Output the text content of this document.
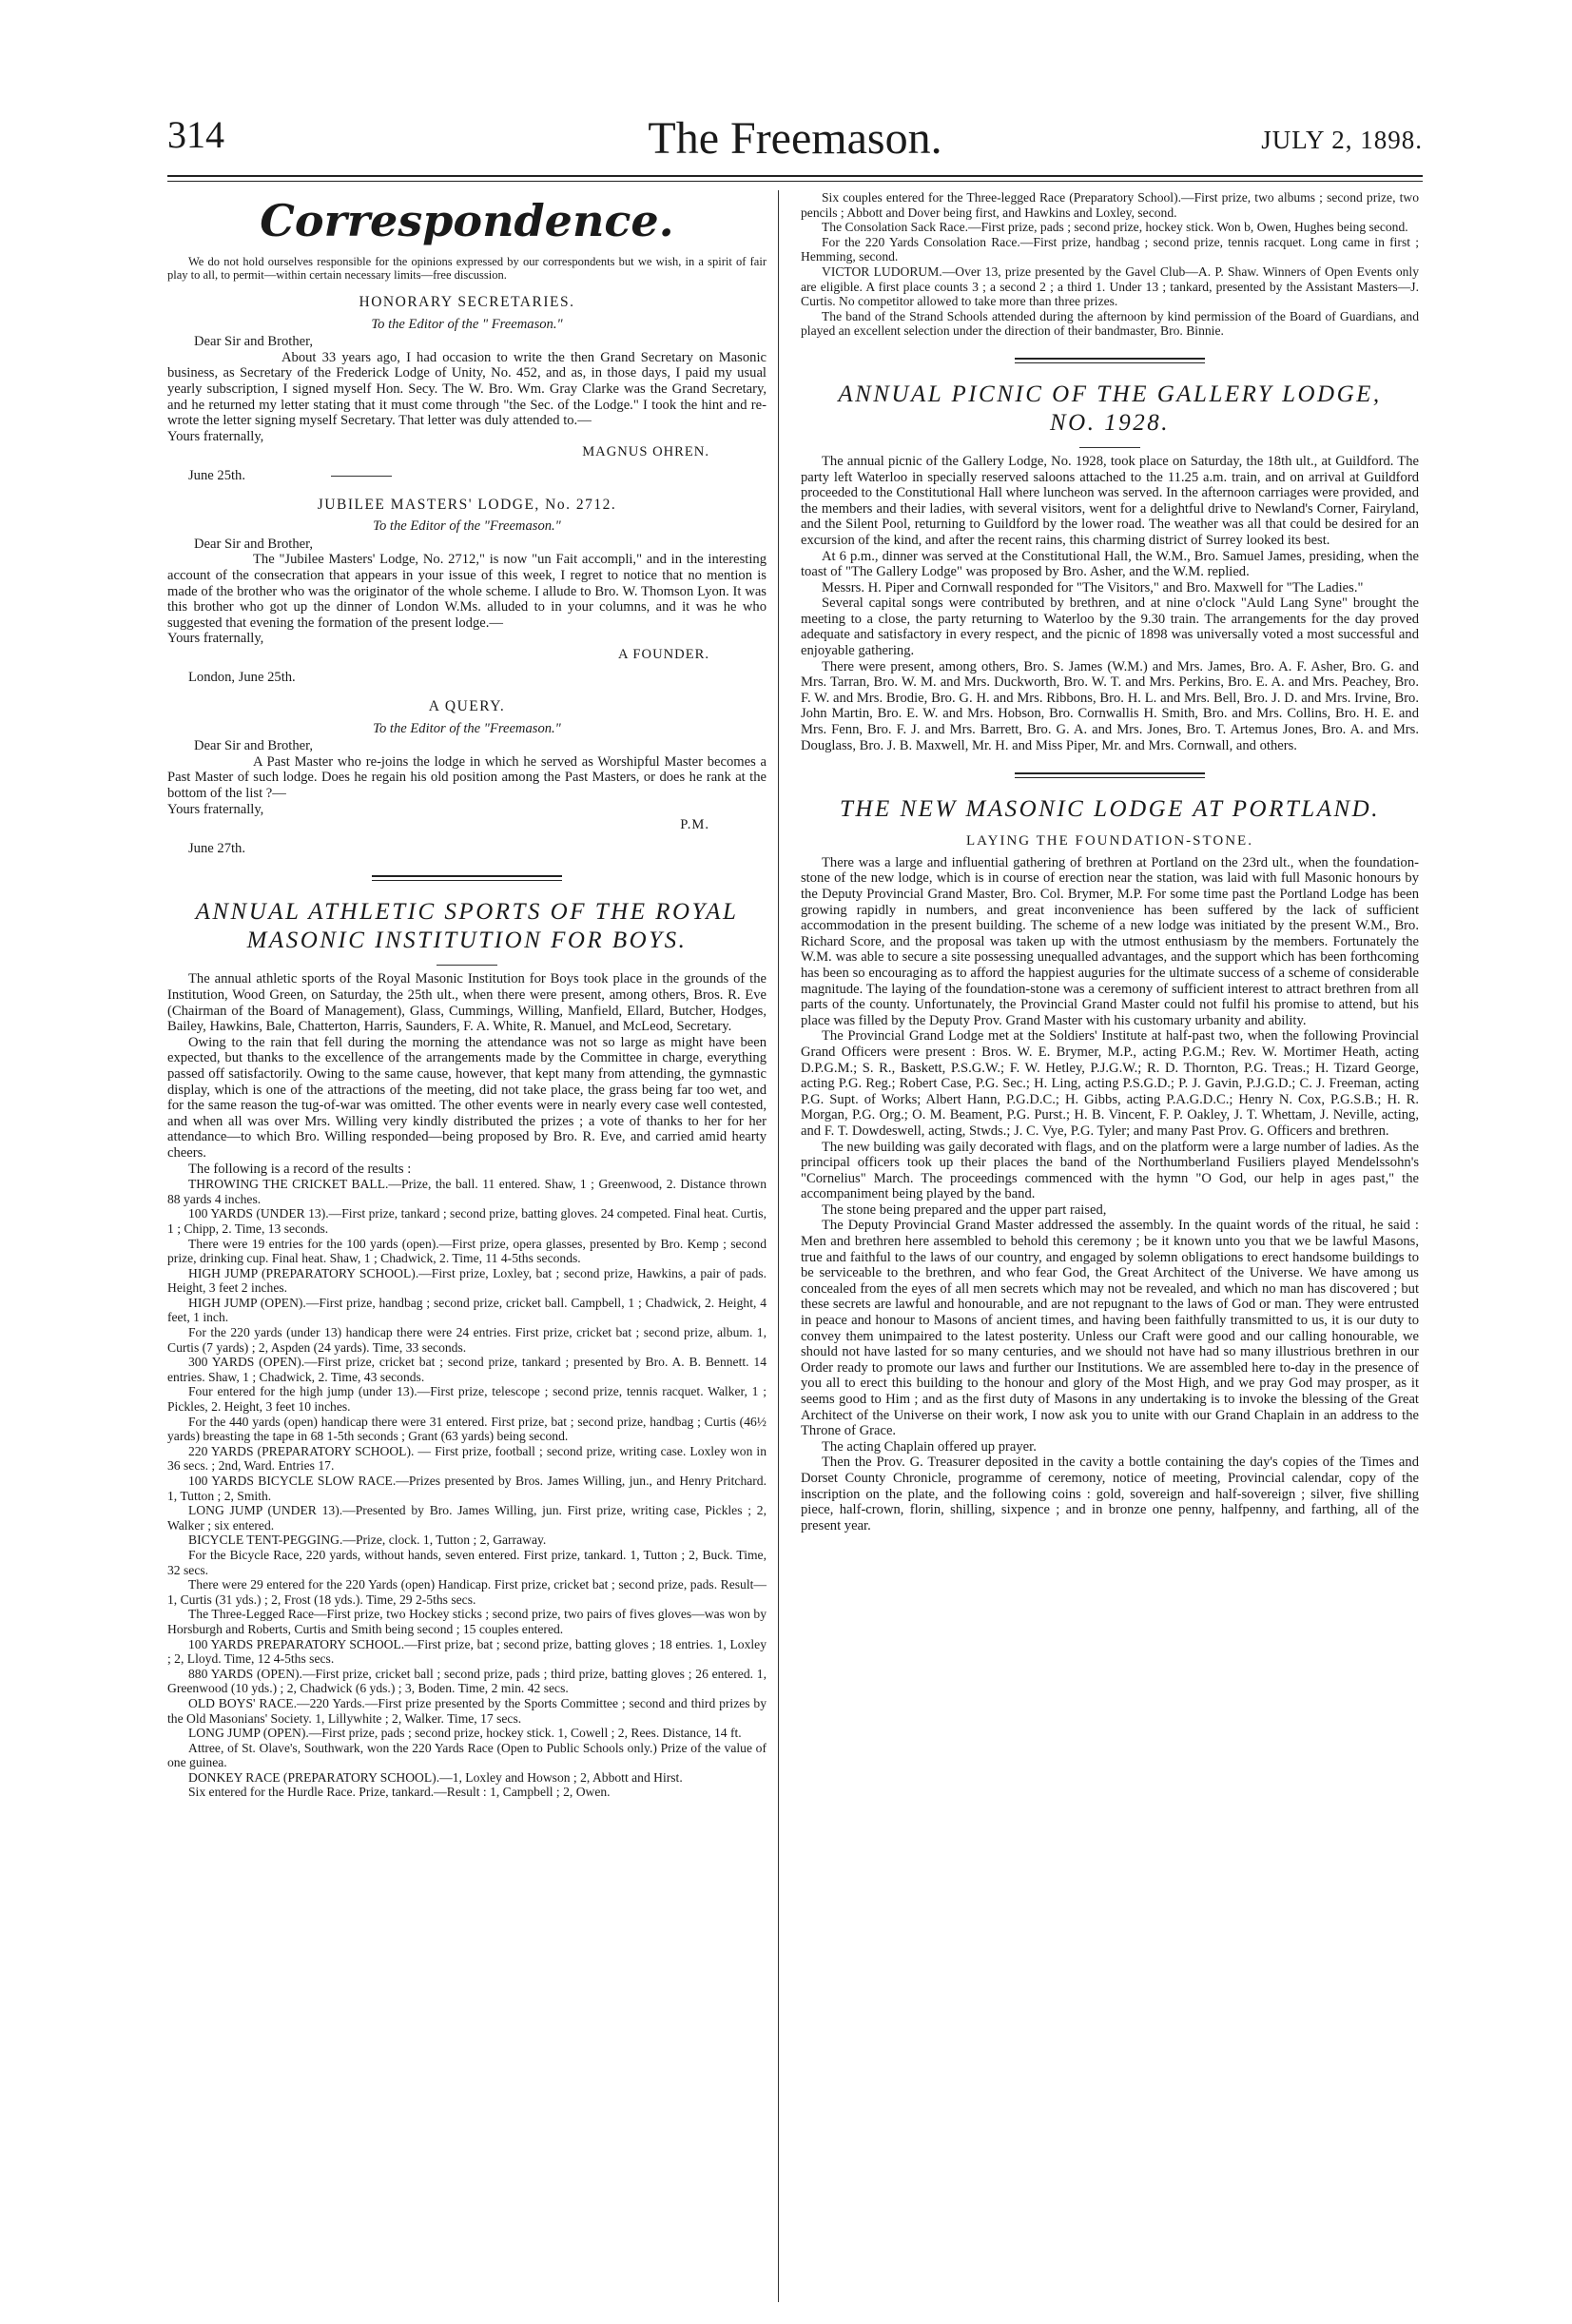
314	The Freemason.	JULY 2, 1898.
Correspondence.

We do not hold ourselves responsible for the opinions expressed by our correspondents but we wish, in a spirit of fair play to all, to permit—within certain necessary limits—free discussion.

HONORARY SECRETARIES.
To the Editor of the " Freemason."

Dear Sir and Brother,

About 33 years ago, I had occasion to write the then Grand Secretary on Masonic business, as Secretary of the Frederick Lodge of Unity, No. 452, and as, in those days, I paid my usual yearly subscription, I signed myself Hon. Secy. The W. Bro. Wm. Gray Clarke was the Grand Secretary, and he returned my letter stating that it must come through "the Sec. of the Lodge." I took the hint and re-wrote the letter signing myself Secretary. That letter was duly attended to.—

Yours fraternally,

MAGNUS OHREN.

June 25th.

JUBILEE MASTERS' LODGE, No. 2712.
To the Editor of the "Freemason."

Dear Sir and Brother,

The "Jubilee Masters' Lodge, No. 2712," is now "un Fait accompli," and in the interesting account of the consecration that appears in your issue of this week, I regret to notice that no mention is made of the brother who was the originator of the whole scheme. I allude to Bro. W. Thomson Lyon. It was this brother who got up the dinner of London W.Ms. alluded to in your columns, and it was he who suggested that evening the formation of the present lodge.—

Yours fraternally,

A FOUNDER.

London, June 25th.

A QUERY.
To the Editor of the "Freemason."

Dear Sir and Brother,

A Past Master who re-joins the lodge in which he served as Worshipful Master becomes a Past Master of such lodge. Does he regain his old position among the Past Masters, or does he rank at the bottom of the list ?—

Yours fraternally,

P.M.

June 27th.

ANNUAL ATHLETIC SPORTS OF THE ROYAL MASONIC INSTITUTION FOR BOYS.

The annual athletic sports of the Royal Masonic Institution for Boys took place in the grounds of the Institution, Wood Green, on Saturday, the 25th ult., when there were present, among others, Bros. R. Eve (Chairman of the Board of Management), Glass, Cummings, Willing, Manfield, Ellard, Butcher, Hodges, Bailey, Hawkins, Bale, Chatterton, Harris, Saunders, F. A. White, R. Manuel, and McLeod, Secretary.

Owing to the rain that fell during the morning the attendance was not so large as might have been expected, but thanks to the excellence of the arrangements made by the Committee in charge, everything passed off satisfactorily. Owing to the same cause, however, that kept many from attending, the gymnastic display, which is one of the attractions of the meeting, did not take place, the grass being far too wet, and for the same reason the tug-of-war was omitted. The other events were in nearly every case well contested, and when all was over Mrs. Willing very kindly distributed the prizes ; a vote of thanks to her for her attendance—to which Bro. Willing responded—being proposed by Bro. R. Eve, and carried amid hearty cheers.

The following is a record of the results :

THROWING THE CRICKET BALL.—Prize, the ball. 11 entered. Shaw, 1 ; Greenwood, 2. Distance thrown 88 yards 4 inches.

100 YARDS (UNDER 13).—First prize, tankard ; second prize, batting gloves. 24 competed. Final heat. Curtis, 1 ; Chipp, 2. Time, 13 seconds.

There were 19 entries for the 100 yards (open).—First prize, opera glasses, presented by Bro. Kemp ; second prize, drinking cup. Final heat. Shaw, 1 ; Chadwick, 2. Time, 11 4-5ths seconds.

HIGH JUMP (PREPARATORY SCHOOL).—First prize, Loxley, bat ; second prize, Hawkins, a pair of pads. Height, 3 feet 2 inches.

HIGH JUMP (OPEN).—First prize, handbag ; second prize, cricket ball. Campbell, 1 ; Chadwick, 2. Height, 4 feet, 1 inch.

For the 220 yards (under 13) handicap there were 24 entries. First prize, cricket bat ; second prize, album. 1, Curtis (7 yards) ; 2, Aspden (24 yards). Time, 33 seconds.

300 YARDS (OPEN).—First prize, cricket bat ; second prize, tankard ; presented by Bro. A. B. Bennett. 14 entries. Shaw, 1 ; Chadwick, 2. Time, 43 seconds.

Four entered for the high jump (under 13).—First prize, telescope ; second prize, tennis racquet. Walker, 1 ; Pickles, 2. Height, 3 feet 10 inches.

For the 440 yards (open) handicap there were 31 entered. First prize, bat ; second prize, handbag ; Curtis (46½ yards) breasting the tape in 68 1-5th seconds ; Grant (63 yards) being second.

220 YARDS (PREPARATORY SCHOOL). — First prize, football ; second prize, writing case. Loxley won in 36 secs. ; 2nd, Ward. Entries 17.

100 YARDS BICYCLE SLOW RACE.—Prizes presented by Bros. James Willing, jun., and Henry Pritchard. 1, Tutton ; 2, Smith.

LONG JUMP (UNDER 13).—Presented by Bro. James Willing, jun. First prize, writing case, Pickles ; 2, Walker ; six entered.

BICYCLE TENT-PEGGING.—Prize, clock. 1, Tutton ; 2, Garraway.

For the Bicycle Race, 220 yards, without hands, seven entered. First prize, tankard. 1, Tutton ; 2, Buck. Time, 32 secs.

There were 29 entered for the 220 Yards (open) Handicap. First prize, cricket bat ; second prize, pads. Result—1, Curtis (31 yds.) ; 2, Frost (18 yds.). Time, 29 2-5ths secs.

The Three-Legged Race—First prize, two Hockey sticks ; second prize, two pairs of fives gloves—was won by Horsburgh and Roberts, Curtis and Smith being second ; 15 couples entered.

100 YARDS PREPARATORY SCHOOL.—First prize, bat ; second prize, batting gloves ; 18 entries. 1, Loxley ; 2, Lloyd. Time, 12 4-5ths secs.

880 YARDS (OPEN).—First prize, cricket ball ; second prize, pads ; third prize, batting gloves ; 26 entered. 1, Greenwood (10 yds.) ; 2, Chadwick (6 yds.) ; 3, Boden. Time, 2 min. 42 secs.

OLD BOYS' RACE.—220 Yards.—First prize presented by the Sports Committee ; second and third prizes by the Old Masonians' Society. 1, Lillywhite ; 2, Walker. Time, 17 secs.

LONG JUMP (OPEN).—First prize, pads ; second prize, hockey stick. 1, Cowell ; 2, Rees. Distance, 14 ft.

Attree, of St. Olave's, Southwark, won the 220 Yards Race (Open to Public Schools only.) Prize of the value of one guinea.

DONKEY RACE (PREPARATORY SCHOOL).—1, Loxley and Howson ; 2, Abbott and Hirst.

Six entered for the Hurdle Race. Prize, tankard.—Result : 1, Campbell ; 2, Owen.

Six couples entered for the Three-legged Race (Preparatory School).—First prize, two albums ; second prize, two pencils ; Abbott and Dover being first, and Hawkins and Loxley, second.

The Consolation Sack Race.—First prize, pads ; second prize, hockey stick. Won b, Owen, Hughes being second.

For the 220 Yards Consolation Race.—First prize, handbag ; second prize, tennis racquet. Long came in first ; Hemming, second.

VICTOR LUDORUM.—Over 13, prize presented by the Gavel Club—A. P. Shaw. Winners of Open Events only are eligible. A first place counts 3 ; a second 2 ; a third 1. Under 13 ; tankard, presented by the Assistant Masters—J. Curtis. No competitor allowed to take more than three prizes.

The band of the Strand Schools attended during the afternoon by kind permission of the Board of Guardians, and played an excellent selection under the direction of their bandmaster, Bro. Binnie.

ANNUAL PICNIC OF THE GALLERY LODGE,
NO. 1928.

The annual picnic of the Gallery Lodge, No. 1928, took place on Saturday, the 18th ult., at Guildford. The party left Waterloo in specially reserved saloons attached to the 11.25 a.m. train, and on arrival at Guildford proceeded to the Constitutional Hall where luncheon was served. In the afternoon carriages were provided, and the members and their ladies, with several visitors, went for a delightful drive to Newland's Corner, Fairyland, and the Silent Pool, returning to Guildford by the lower road. The weather was all that could be desired for an excursion of the kind, and after the recent rains, this charming district of Surrey looked its best.

At 6 p.m., dinner was served at the Constitutional Hall, the W.M., Bro. Samuel James, presiding, when the toast of "The Gallery Lodge" was proposed by Bro. Asher, and the W.M. replied.

Messrs. H. Piper and Cornwall responded for "The Visitors," and Bro. Maxwell for "The Ladies."

Several capital songs were contributed by brethren, and at nine o'clock "Auld Lang Syne" brought the meeting to a close, the party returning to Waterloo by the 9.30 train. The arrangements for the day proved adequate and satisfactory in every respect, and the picnic of 1898 was universally voted a most successful and enjoyable gathering.

There were present, among others, Bro. S. James (W.M.) and Mrs. James, Bro. A. F. Asher, Bro. G. and Mrs. Tarran, Bro. W. M. and Mrs. Duckworth, Bro. W. T. and Mrs. Perkins, Bro. E. A. and Mrs. Peachey, Bro. F. W. and Mrs. Brodie, Bro. G. H. and Mrs. Ribbons, Bro. H. L. and Mrs. Bell, Bro. J. D. and Mrs. Irvine, Bro. John Martin, Bro. E. W. and Mrs. Hobson, Bro. Cornwallis H. Smith, Bro. and Mrs. Collins, Bro. H. E. and Mrs. Fenn, Bro. F. J. and Mrs. Barrett, Bro. G. A. and Mrs. Jones, Bro. T. Artemus Jones, Bro. A. and Mrs. Douglass, Bro. J. B. Maxwell, Mr. H. and Miss Piper, Mr. and Mrs. Cornwall, and others.

THE NEW MASONIC LODGE AT PORTLAND.
LAYING THE FOUNDATION-STONE.

There was a large and influential gathering of brethren at Portland on the 23rd ult., when the foundation-stone of the new lodge, which is in course of erection near the station, was laid with full Masonic honours by the Deputy Provincial Grand Master, Bro. Col. Brymer, M.P. For some time past the Portland Lodge has been growing rapidly in numbers, and great inconvenience has been suffered by the lack of sufficient accommodation in the present building. The scheme of a new lodge was initiated by the present W.M., Bro. Richard Score, and the proposal was taken up with the utmost enthusiasm by the members. Fortunately the W.M. was able to secure a site possessing unequalled advantages, and the support which has been forthcoming has been so encouraging as to afford the happiest auguries for the ultimate success of a scheme of considerable magnitude. The laying of the foundation-stone was a ceremony of sufficient interest to attract brethren from all parts of the county. Unfortunately, the Provincial Grand Master could not fulfil his promise to attend, but his place was filled by the Deputy Prov. Grand Master with his customary urbanity and ability.

The Provincial Grand Lodge met at the Soldiers' Institute at half-past two, when the following Provincial Grand Officers were present : Bros. W. E. Brymer, M.P., acting P.G.M.; Rev. W. Mortimer Heath, acting D.P.G.M.; S. R., Baskett, P.S.G.W.; F. W. Hetley, P.J.G.W.; R. D. Thornton, P.G. Treas.; H. Tizard George, acting P.G. Reg.; Robert Case, P.G. Sec.; H. Ling, acting P.S.G.D.; P. J. Gavin, P.J.G.D.; C. J. Freeman, acting P.G. Supt. of Works; Albert Hann, P.G.D.C.; H. Gibbs, acting P.A.G.D.C.; Henry N. Cox, P.G.S.B.; H. R. Morgan, P.G. Org.; O. M. Beament, P.G. Purst.; H. B. Vincent, F. P. Oakley, J. T. Whettam, J. Neville, acting, and F. T. Dowdeswell, acting, Stwds.; J. C. Vye, P.G. Tyler; and many Past Prov. G. Officers and brethren.

The new building was gaily decorated with flags, and on the platform were a large number of ladies. As the principal officers took up their places the band of the Northumberland Fusiliers played Mendelssohn's "Cornelius" March. The proceedings commenced with the hymn "O God, our help in ages past," the accompaniment being played by the band.

The stone being prepared and the upper part raised,

The Deputy Provincial Grand Master addressed the assembly. In the quaint words of the ritual, he said : Men and brethren here assembled to behold this ceremony ; be it known unto you that we be lawful Masons, true and faithful to the laws of our country, and engaged by solemn obligations to erect handsome buildings to be serviceable to the brethren, and who fear God, the Great Architect of the Universe. We have among us concealed from the eyes of all men secrets which may not be revealed, and which no man has discovered ; but these secrets are lawful and honourable, and are not repugnant to the laws of God or man. They were entrusted in peace and honour to Masons of ancient times, and having been faithfully transmitted to us, it is our duty to convey them unimpaired to the latest posterity. Unless our Craft were good and our calling honourable, we should not have lasted for so many centuries, and we should not have had so many illustrious brethren in our Order ready to promote our laws and further our Institutions. We are assembled here to-day in the presence of you all to erect this building to the honour and glory of the Most High, and we pray God may prosper, as it seems good to Him ; and as the first duty of Masons in any undertaking is to invoke the blessing of the Great Architect of the Universe on their work, I now ask you to unite with our Grand Chaplain in an address to the Throne of Grace.

The acting Chaplain offered up prayer.

Then the Prov. G. Treasurer deposited in the cavity a bottle containing the day's copies of the Times and Dorset County Chronicle, programme of ceremony, notice of meeting, Provincial calendar, copy of the inscription on the plate, and the following coins : gold, sovereign and half-sovereign ; silver, five shilling piece, half-crown, florin, shilling, sixpence ; and in bronze one penny, halfpenny, and farthing, all of the present year.
